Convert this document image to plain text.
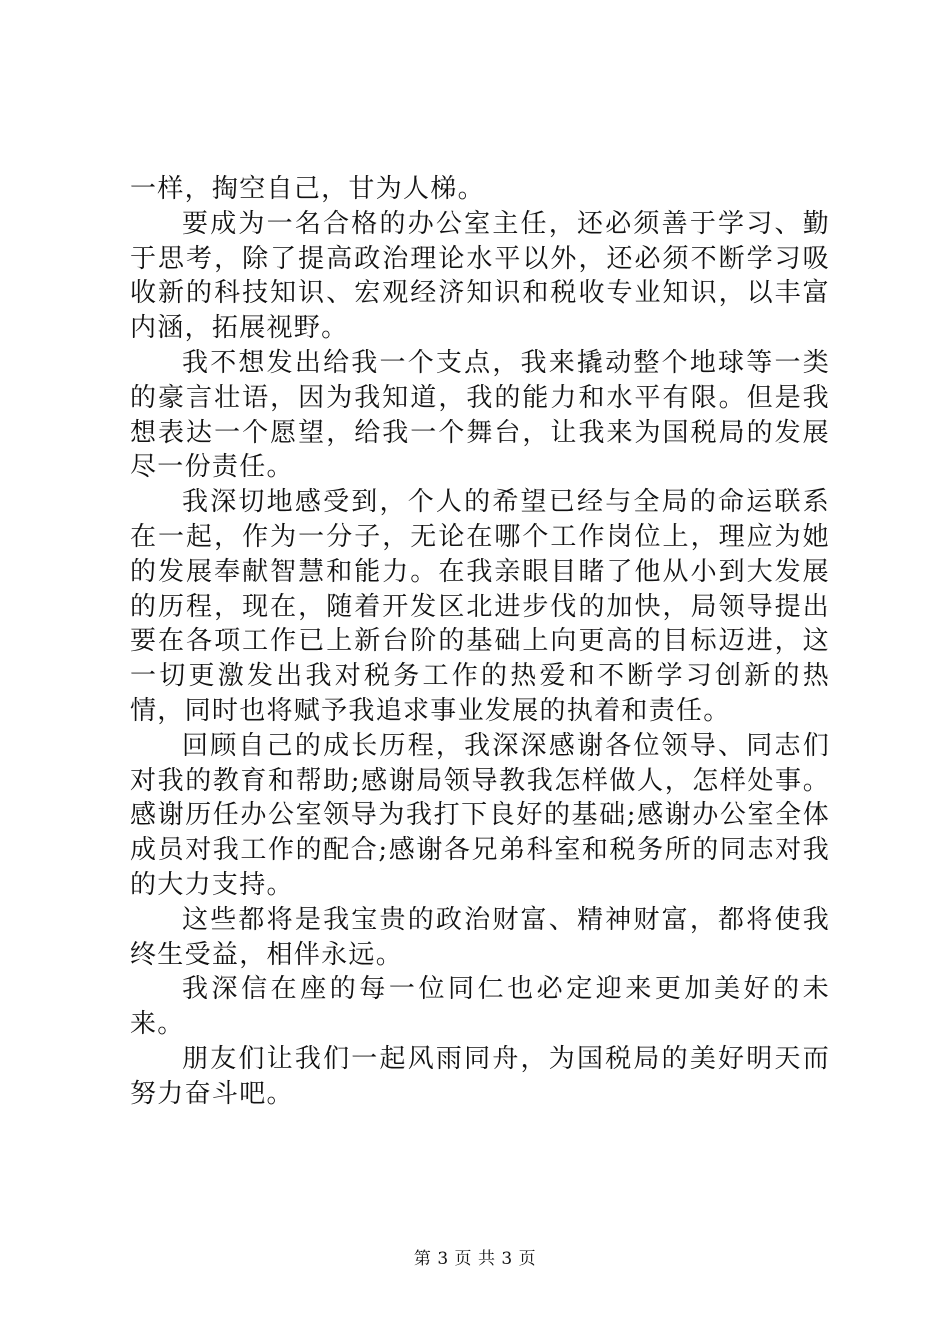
一样，掏空自己，甘为人梯。

要成为一名合格的办公室主任，还必须善于学习、勤于思考，除了提高政治理论水平以外，还必须不断学习吸收新的科技知识、宏观经济知识和税收专业知识，以丰富内涵，拓展视野。

我不想发出给我一个支点，我来撬动整个地球等一类的豪言壮语，因为我知道，我的能力和水平有限。但是我想表达一个愿望，给我一个舞台，让我来为国税局的发展尽一份责任。

我深切地感受到，个人的希望已经与全局的命运联系在一起，作为一分子，无论在哪个工作岗位上，理应为她的发展奉献智慧和能力。在我亲眼目睹了他从小到大发展的历程，现在，随着开发区北进步伐的加快，局领导提出要在各项工作已上新台阶的基础上向更高的目标迈进，这一切更激发出我对税务工作的热爱和不断学习创新的热情，同时也将赋予我追求事业发展的执着和责任。

回顾自己的成长历程，我深深感谢各位领导、同志们对我的教育和帮助;感谢局领导教我怎样做人，怎样处事。感谢历任办公室领导为我打下良好的基础;感谢办公室全体成员对我工作的配合;感谢各兄弟科室和税务所的同志对我的大力支持。

这些都将是我宝贵的政治财富、精神财富，都将使我终生受益，相伴永远。

我深信在座的每一位同仁也必定迎来更加美好的未来。

朋友们让我们一起风雨同舟，为国税局的美好明天而努力奋斗吧。

第 3 页 共 3 页
